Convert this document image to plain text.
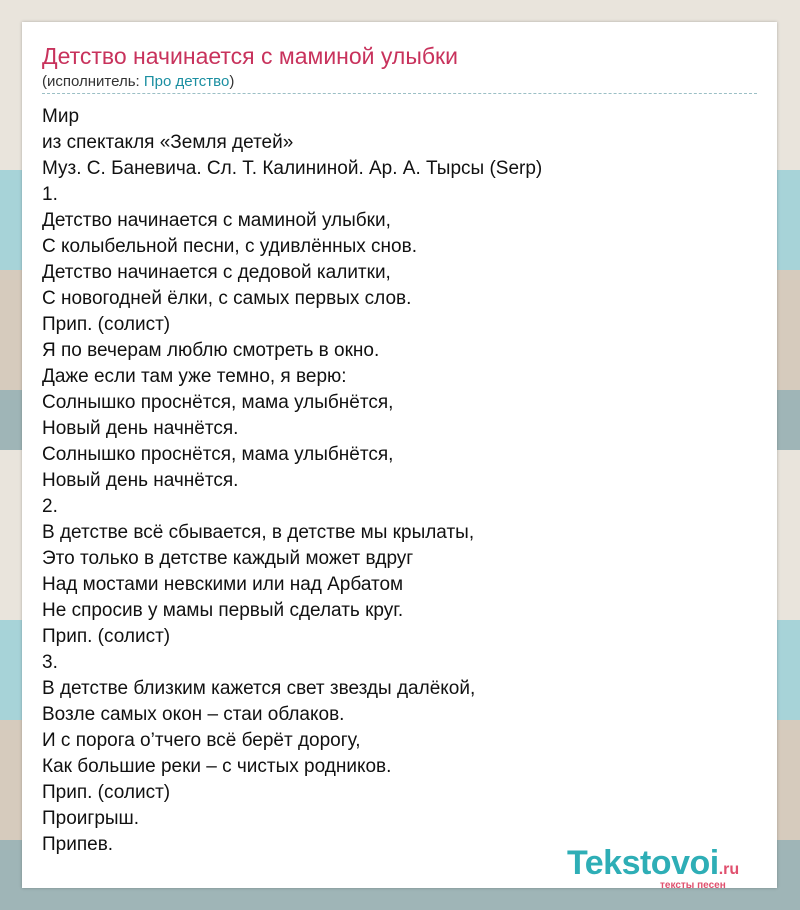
Детство начинается с маминой улыбки
(исполнитель: Про детство)
Мир
из спектакля «Земля детей»
Муз. С. Баневича. Сл. Т. Калининой. Ар. А. Тырсы (Serp)
1.
Детство начинается с маминой улыбки,
С колыбельной песни, с удивлённых снов.
Детство начинается с дедовой калитки,
С новогодней ёлки, с самых первых слов.
Прип. (солист)
Я по вечерам люблю смотреть в окно.
Даже если там уже темно, я верю:
Солнышко проснётся, мама улыбнётся,
Новый день начнётся.
Солнышко проснётся, мама улыбнётся,
Новый день начнётся.
2.
В детстве всё сбывается, в детстве мы крылаты,
Это только в детстве каждый может вдруг
Над мостами невскими или над Арбатом
Не спросив у мамы первый сделать круг.
Прип. (солист)
3.
В детстве близким кажется свет звезды далёкой,
Возле самых окон – стаи облаков.
И с порога о’тчего всё берёт дорогу,
Как большие реки – с чистых родников.
Прип. (солист)
Проигрыш.
Припев.	Tekstovoi.ru
тексты песен
